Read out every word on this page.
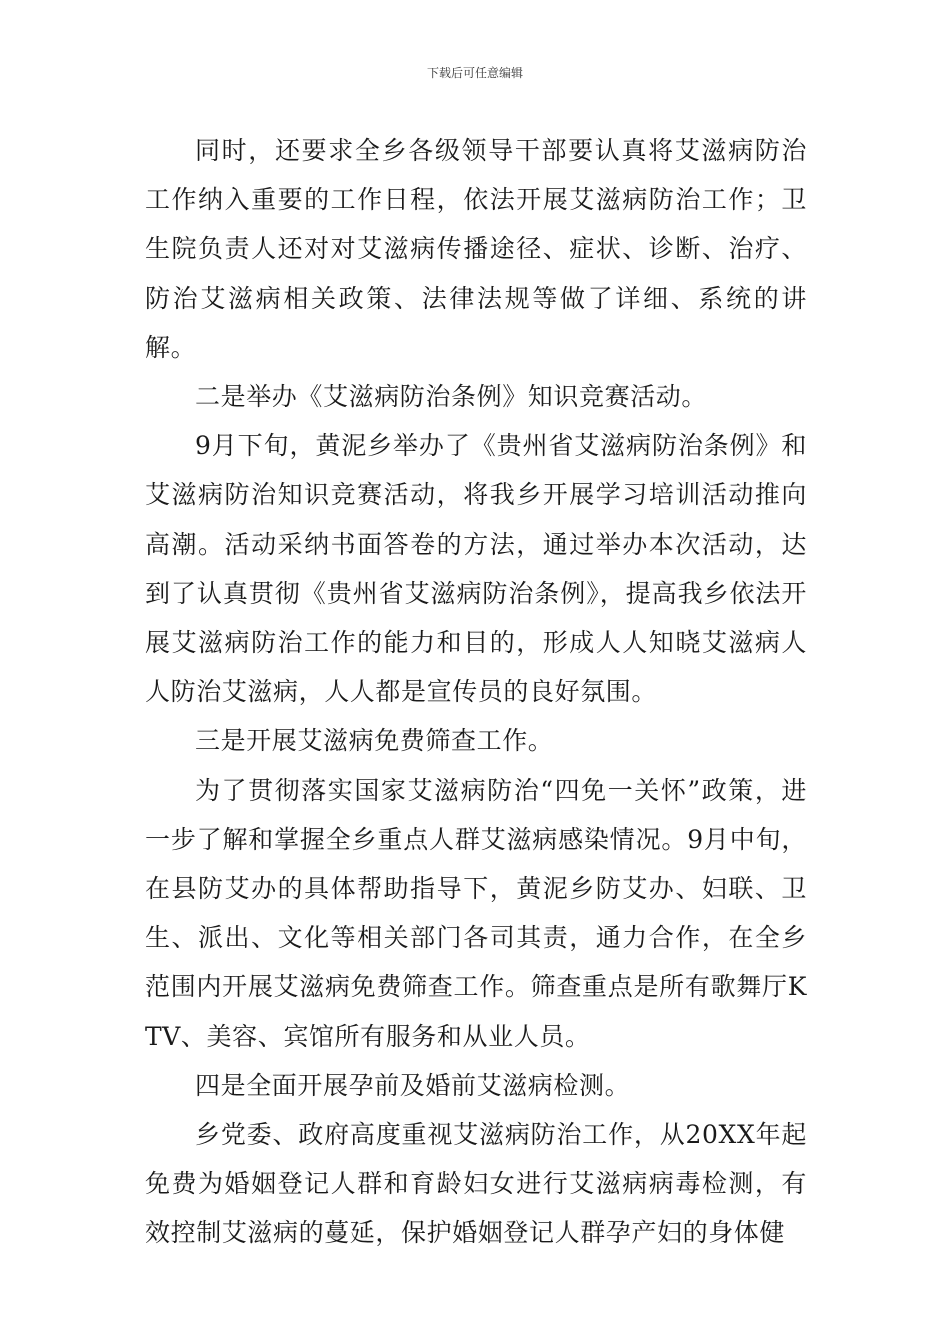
下载后可任意编辑

同时，还要求全乡各级领导干部要认真将艾滋病防治工作纳入重要的工作日程，依法开展艾滋病防治工作；卫生院负责人还对对艾滋病传播途径、症状、诊断、治疗、防治艾滋病相关政策、法律法规等做了详细、系统的讲解。

二是举办《艾滋病防治条例》知识竞赛活动。

9月下旬，黄泥乡举办了《贵州省艾滋病防治条例》和艾滋病防治知识竞赛活动，将我乡开展学习培训活动推向高潮。活动采纳书面答卷的方法，通过举办本次活动，达到了认真贯彻《贵州省艾滋病防治条例》，提高我乡依法开展艾滋病防治工作的能力和目的，形成人人知晓艾滋病人人防治艾滋病，人人都是宣传员的良好氛围。

三是开展艾滋病免费筛查工作。

为了贯彻落实国家艾滋病防治“四免一关怀”政策，进一步了解和掌握全乡重点人群艾滋病感染情况。9月中旬，在县防艾办的具体帮助指导下，黄泥乡防艾办、妇联、卫生、派出、文化等相关部门各司其责，通力合作，在全乡范围内开展艾滋病免费筛查工作。筛查重点是所有歌舞厅KTV、美容、宾馆所有服务和从业人员。

四是全面开展孕前及婚前艾滋病检测。

乡党委、政府高度重视艾滋病防治工作，从20XX年起免费为婚姻登记人群和育龄妇女进行艾滋病病毒检测，有效控制艾滋病的蔓延，保护婚姻登记人群孕产妇的身体健
